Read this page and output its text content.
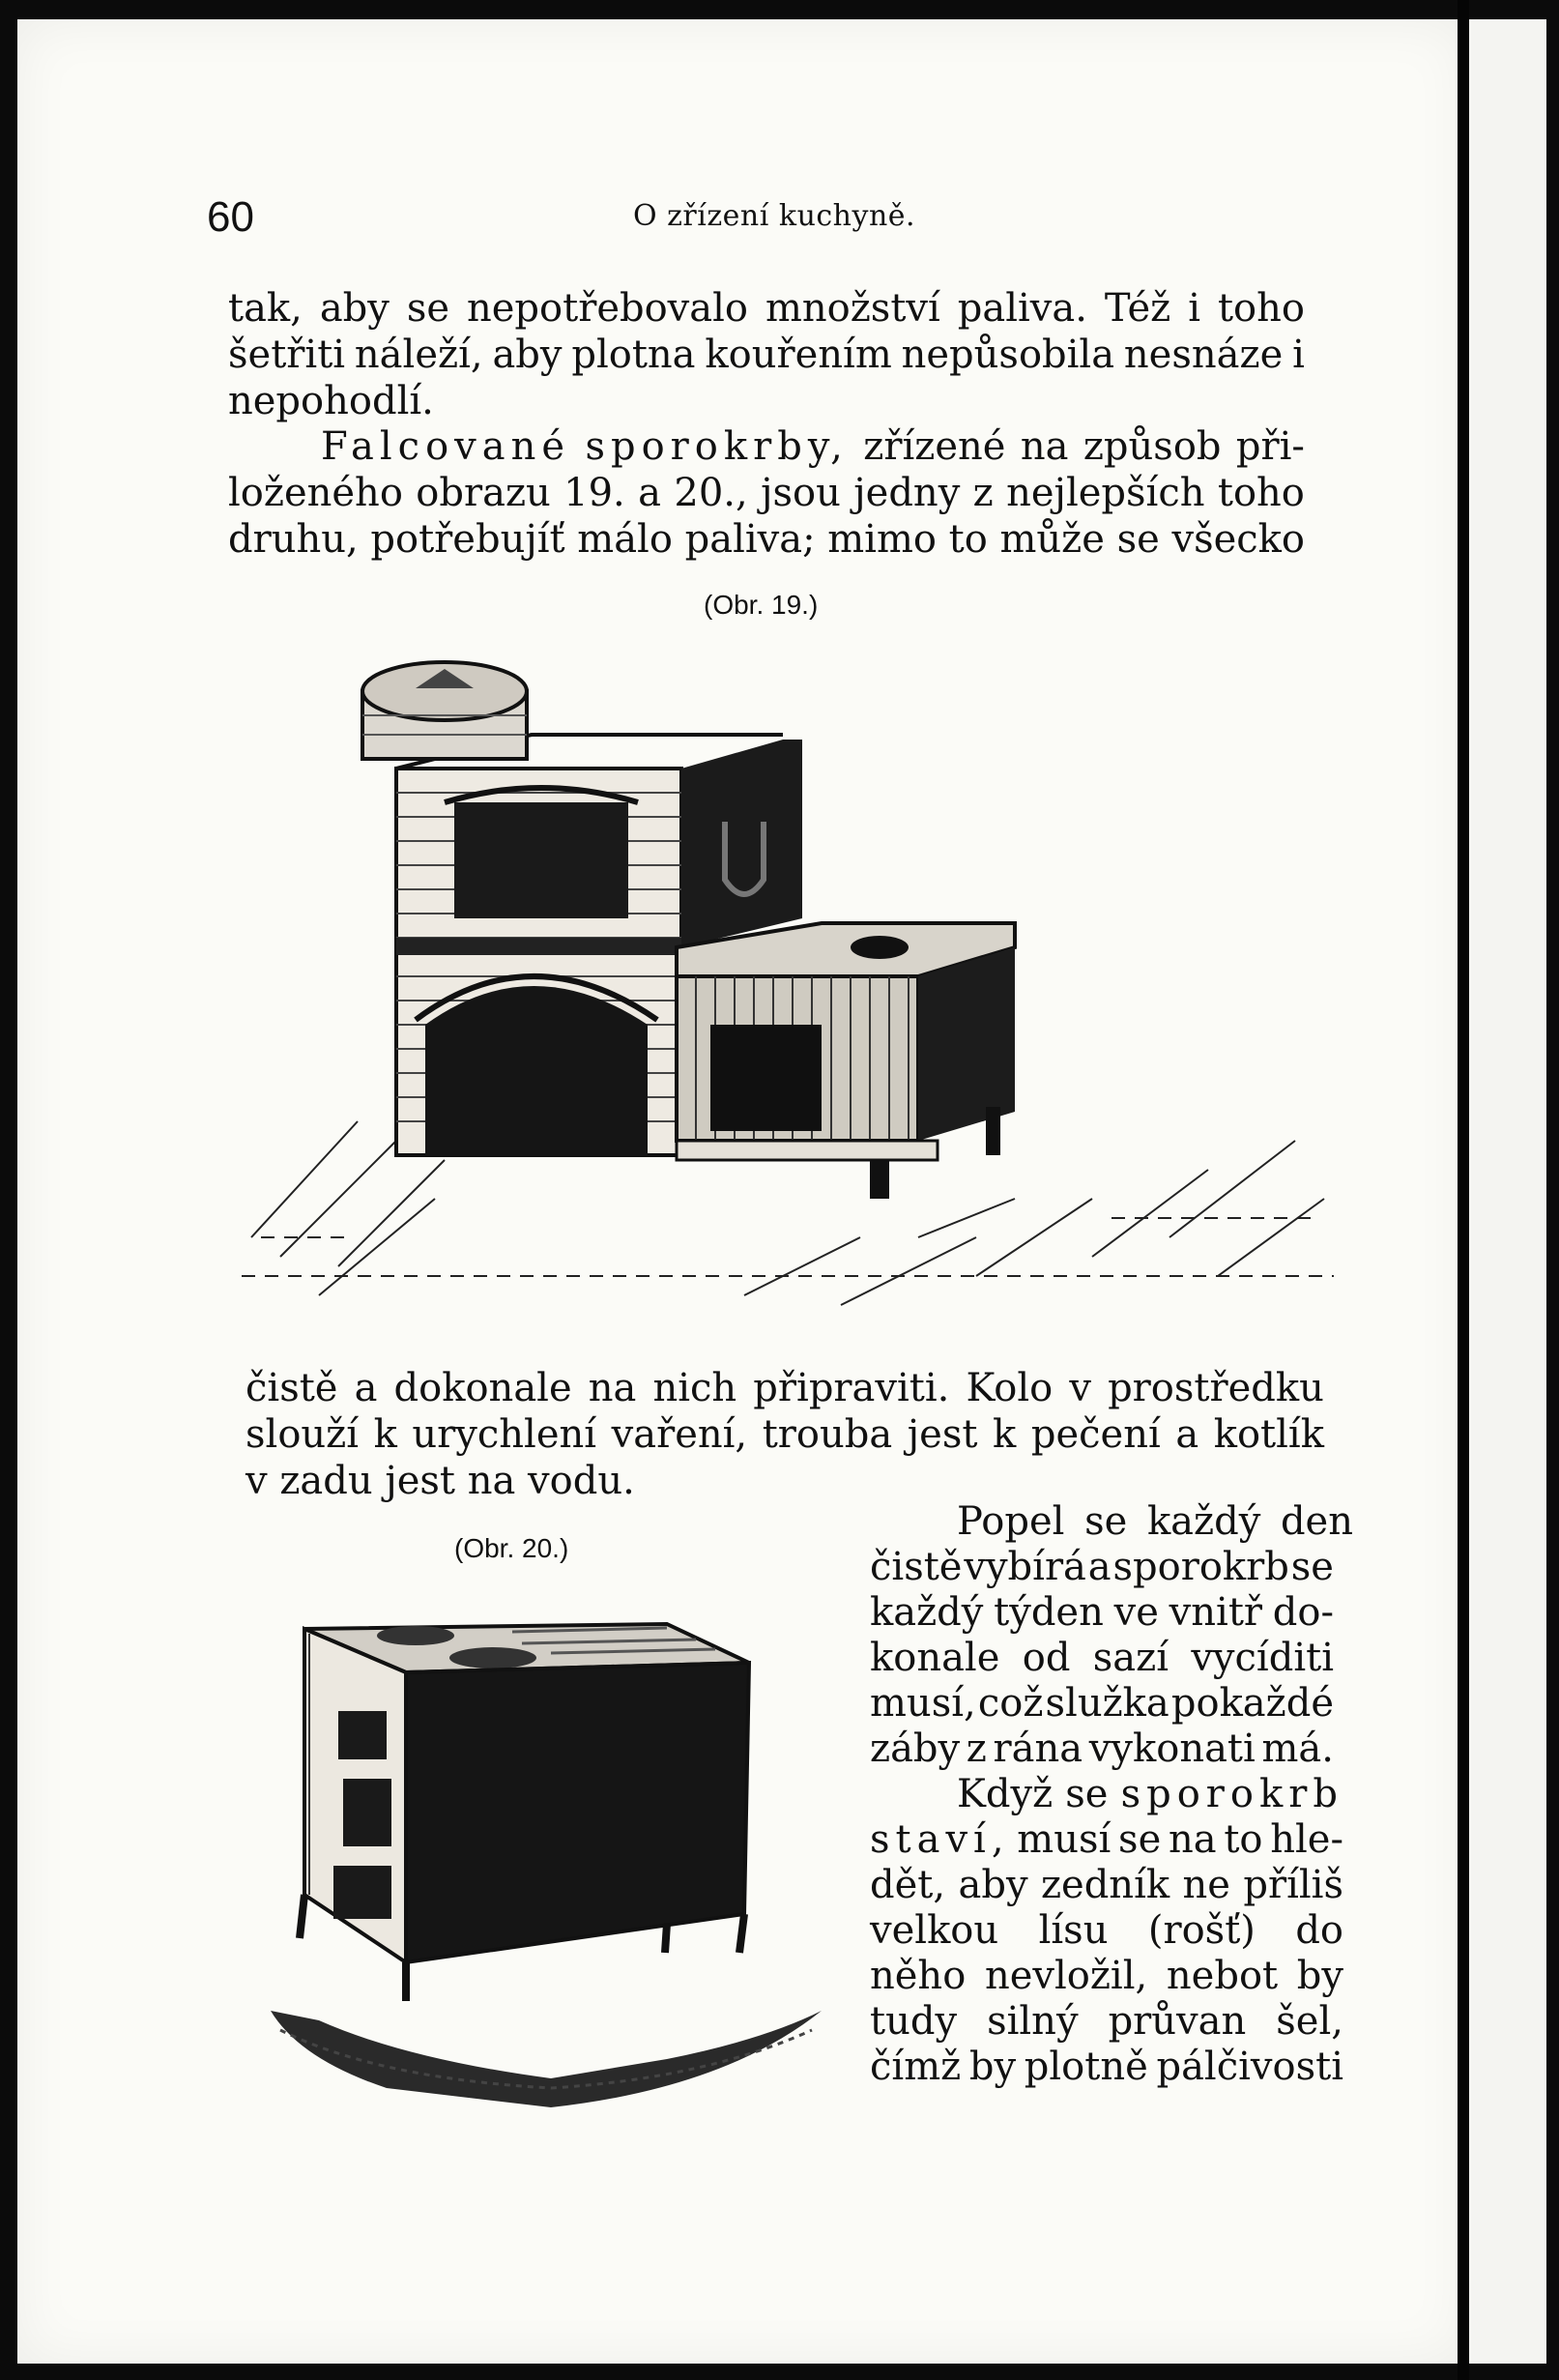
60	O zřízení kuchyně.
tak, aby se nepotřebovalo množství paliva. Též i toho
šetřiti náleží, aby plotna kouřením nepůsobila nesnáze i
nepohodlí.
Falcované sporokrby, zřízené na způsob při-
loženého obrazu 19. a 20., jsou jedny z nejlepších toho
druhu, potřebujíť málo paliva; mimo to může se všecko
(Obr. 19.)
čistě a dokonale na nich připraviti. Kolo v prostředku
slouží k urychlení vaření, trouba jest k pečení a kotlík
v zadu jest na vodu.
(Obr. 20.)
Popel se každý den
čistě vybírá a sporokrb se
každý týden ve vnitř do-
konale od sazí vycíditi
musí, což služka pokaždé
záby z rána vykonati má.
Když se sporokrb
staví, musí se na to hle-
dět, aby zedník ne příliš
velkou lísu (rošť) do
něho nevložil, nebot by
tudy silný průvan šel,
čímž by plotně pálčivosti
